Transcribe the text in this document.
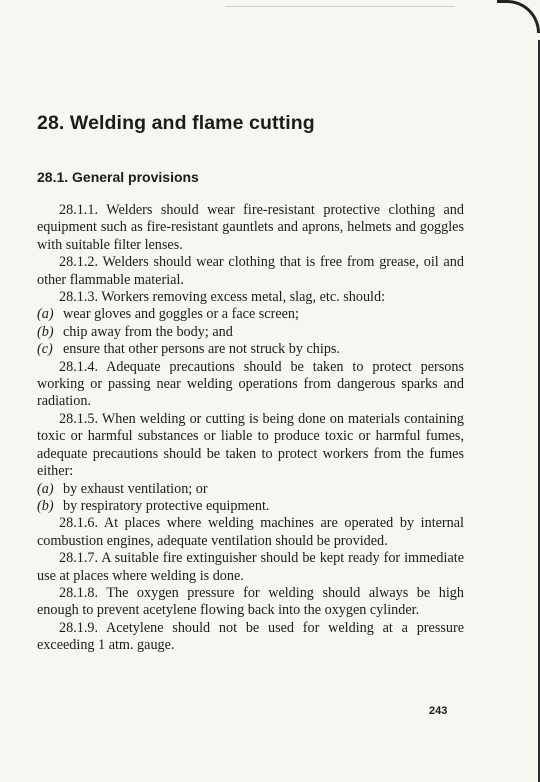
28. Welding and flame cutting
28.1. General provisions

28.1.1. Welders should wear fire-resistant protective clothing and equipment such as fire-resistant gauntlets and aprons, helmets and goggles with suitable filter lenses.

28.1.2. Welders should wear clothing that is free from grease, oil and other flammable material.

28.1.3. Workers removing excess metal, slag, etc. should:

(a) wear gloves and goggles or a face screen;
(b) chip away from the body; and
(c) ensure that other persons are not struck by chips.

28.1.4. Adequate precautions should be taken to protect persons working or passing near welding operations from dangerous sparks and radiation.

28.1.5. When welding or cutting is being done on materials containing toxic or harmful substances or liable to produce toxic or harmful fumes, adequate precautions should be taken to protect workers from the fumes either:

(a) by exhaust ventilation; or
(b) by respiratory protective equipment.

28.1.6. At places where welding machines are operated by internal combustion engines, adequate ventilation should be provided.

28.1.7. A suitable fire extinguisher should be kept ready for immediate use at places where welding is done.

28.1.8. The oxygen pressure for welding should always be high enough to prevent acetylene flowing back into the oxygen cylinder.

28.1.9. Acetylene should not be used for welding at a pressure exceeding 1 atm. gauge.

243
